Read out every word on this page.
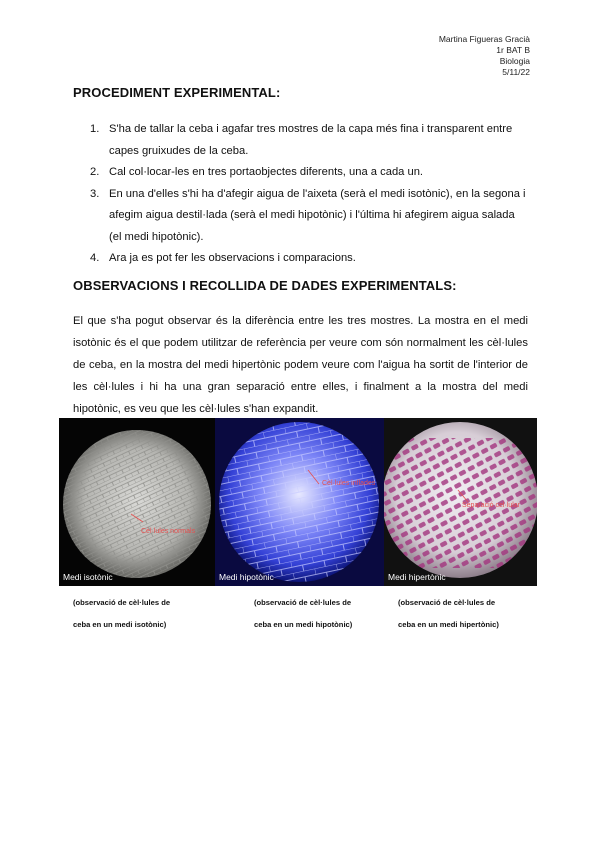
Martina Figueras Gracià
1r BAT B
Biologia
5/11/22
PROCEDIMENT EXPERIMENTAL:
1. S'ha de tallar la ceba i agafar tres mostres de la capa més fina i transparent entre capes gruixudes de la ceba.
2. Cal col·locar-les en tres portaobjectes diferents, una a cada un.
3. En una d'elles s'hi ha d'afegir aigua de l'aixeta (serà el medi isotònic), en la segona i afegim aigua destil·lada (serà el medi hipotònic) i l'última hi afegirem aigua salada (el medi hipotònic).
4. Ara ja es pot fer les observacions i comparacions.
OBSERVACIONS I RECOLLIDA DE DADES EXPERIMENTALS:

El que s'ha pogut observar és la diferència entre les tres mostres. La mostra en el medi isotònic és el que podem utilitzar de referència per veure com són normalment les cèl·lules de ceba, en la mostra del medi hipertònic podem veure com l'aigua ha sortit de l'interior de les cèl·lules i hi ha una gran separació entre elles, i finalment a la mostra del medi hipotònic, es veu que les cèl·lules s'han expandit.

Cèl·lules normals
Medi isotònic
Cèl·lules inflades
Medi hipotònic
Separació cel·lular
Medi hipertònic
(observació de cèl·lules de
ceba en un medi isotònic)
(observació de cèl·lules de
ceba en un medi hipotònic)
(observació de cèl·lules de
ceba en un medi hipertònic)
